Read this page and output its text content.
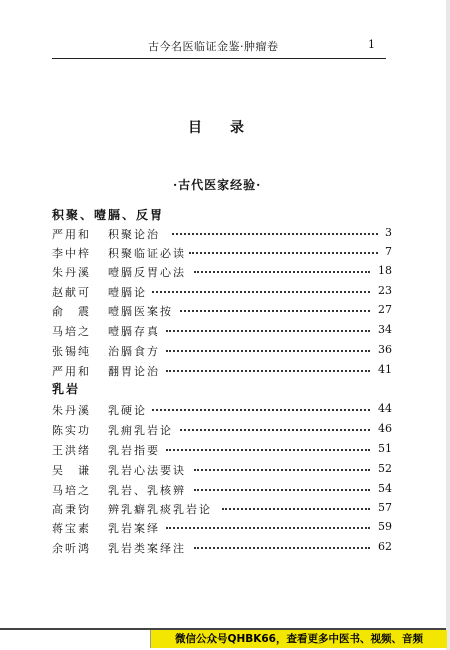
古今名医临证金鉴·肿瘤卷	1
目录
·古代医家经验·
积聚、噎膈、反胃
严用和 积聚论治	3
李中梓 积聚临证必读	7
朱丹溪 噎膈反胃心法	18
赵献可 噎膈论	23
俞　震 噎膈医案按	27
马培之 噎膈存真	34
张锡纯 治膈食方	36
严用和 翻胃论治	41
乳岩
朱丹溪 乳硬论	44
陈实功 乳痈乳岩论	46
王洪绪 乳岩指要	51
吴　谦 乳岩心法要诀	52
马培之 乳岩、乳核辨	54
高秉钧 辨乳癖乳痰乳岩论	57
蒋宝素 乳岩案绎	59
余听鸿 乳岩类案绎注	62
微信公众号QHBK66，查看更多中医书、视频、音频
